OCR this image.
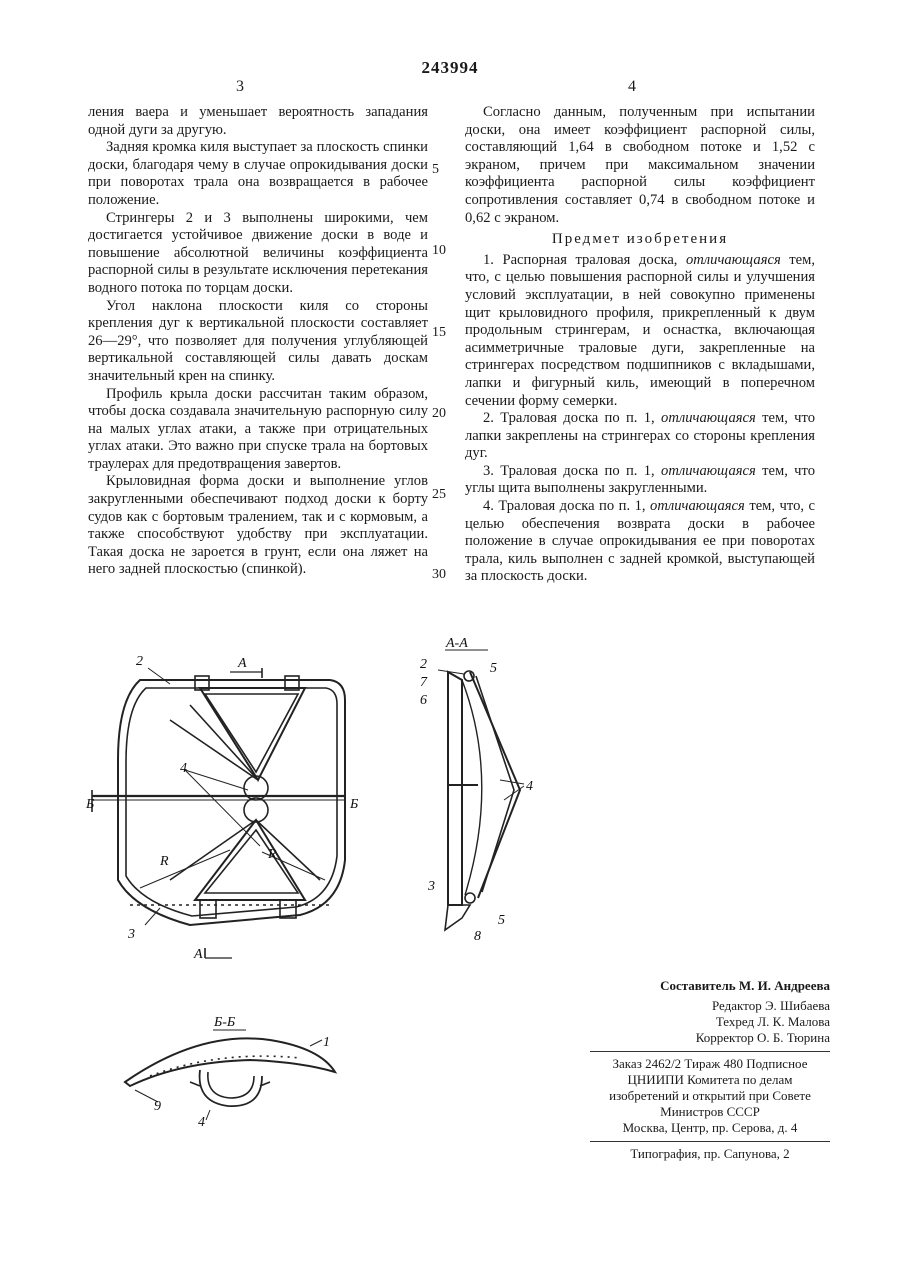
243994
3	4

ления ваера и уменьшает вероятность западания одной дуги за другую.

Задняя кромка киля выступает за плоскость спинки доски, благодаря чему в случае опрокидывания доски при поворотах трала она возвращается в рабочее положение.

Стрингеры 2 и 3 выполнены широкими, чем достигается устойчивое движение доски в воде и повышение абсолютной величины коэффициента распорной силы в результате исключения перетекания водного потока по торцам доски.

Угол наклона плоскости киля со стороны крепления дуг к вертикальной плоскости составляет 26—29°, что позволяет для получения углубляющей вертикальной составляющей силы давать доскам значительный крен на спинку.

Профиль крыла доски рассчитан таким образом, чтобы доска создавала значительную распорную силу на малых углах атаки, а также при отрицательных углах атаки. Это важно при спуске трала на бортовых траулерах для предотвращения завертов.

Крыловидная форма доски и выполнение углов закругленными обеспечивают подход доски к борту судов как с бортовым тралением, так и с кормовым, а также способствуют удобству при эксплуатации. Такая доска не зароется в грунт, если она ляжет на него задней плоскостью (спинкой).

5
10
15
20
25
30

Согласно данным, полученным при испытании доски, она имеет коэффициент распорной силы, составляющий 1,64 в свободном потоке и 1,52 с экраном, причем при максимальном значении коэффициента распорной силы коэффициент сопротивления составляет 0,74 в свободном потоке и 0,62 с экраном.

Предмет изобретения

1. Распорная траловая доска, отличающаяся тем, что, с целью повышения распорной силы и улучшения условий эксплуатации, в ней совокупно применены щит крыловидного профиля, прикрепленный к двум продольным стрингерам, и оснастка, включающая асимметричные траловые дуги, закрепленные на стрингерах посредством подшипников с вкладышами, лапки и фигурный киль, имеющий в поперечном сечении форму семерки.

2. Траловая доска по п. 1, отличающаяся тем, что лапки закреплены на стрингерах со стороны крепления дуг.

3. Траловая доска по п. 1, отличающаяся тем, что углы щита выполнены закругленными.

4. Траловая доска по п. 1, отличающаяся тем, что, с целью обеспечения возврата доски в рабочее положение в случае опрокидывания ее при поворотах трала, киль выполнен с задней кромкой, выступающей за плоскость доски.

2	A
4
Б	Б
R	R
3
A
А-А
2	5
7
6
4
3
5
8
Б-Б
1
9
4
Составитель М. И. Андреева
Редактор Э. Шибаева
Техред Л. К. Малова
Корректор О. Б. Тюрина
Заказ 2462/2 Тираж 480 Подписное
ЦНИИПИ Комитета по делам
изобретений и открытий при Совете
Министров СССР
Москва, Центр, пр. Серова, д. 4
Типография, пр. Сапунова, 2
